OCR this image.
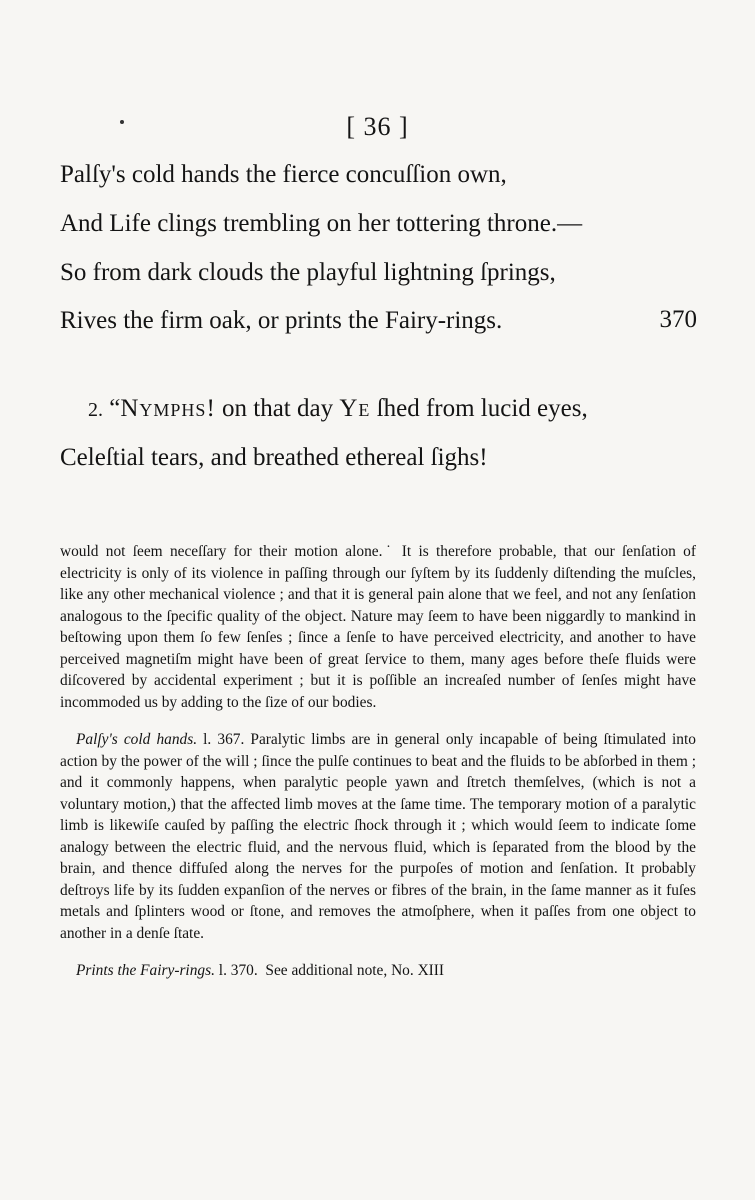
[ 36 ]
Palſy's cold hands the fierce concuſſion own,
And Life clings trembling on her tottering throne.—
So from dark clouds the playful lightning ſprings,
Rives the firm oak, or prints the Fairy-rings.	370
2. “Nymphs! on that day Ye ſhed from lucid eyes,
Celeſtial tears, and breathed ethereal ſighs!

would not ſeem neceſſary for their motion alone.˙ It is therefore probable, that our ſenſation of electricity is only of its violence in paſſing through our ſyſtem by its ſuddenly diſtending the muſcles, like any other mechanical violence ; and that it is general pain alone that we feel, and not any ſenſation analogous to the ſpecific quality of the object. Nature may ſeem to have been niggardly to mankind in beſtowing upon them ſo few ſenſes ; ſince a ſenſe to have perceived electricity, and another to have perceived magnetiſm might have been of great ſervice to them, many ages before theſe fluids were diſcovered by accidental experiment ; but it is poſſible an increaſed number of ſenſes might have incommoded us by adding to the ſize of our bodies.

Palſy's cold hands. l. 367. Paralytic limbs are in general only incapable of being ſtimulated into action by the power of the will ; ſince the pulſe continues to beat and the fluids to be abſorbed in them ; and it commonly happens, when paralytic people yawn and ſtretch themſelves, (which is not a voluntary motion,) that the affected limb moves at the ſame time. The temporary motion of a paralytic limb is likewiſe cauſed by paſſing the electric ſhock through it ; which would ſeem to indicate ſome analogy between the electric fluid, and the nervous fluid, which is ſeparated from the blood by the brain, and thence diffuſed along the nerves for the purpoſes of motion and ſenſation. It probably deſtroys life by its ſudden expanſion of the nerves or fibres of the brain, in the ſame manner as it fuſes metals and ſplinters wood or ſtone, and removes the atmoſphere, when it paſſes from one object to another in a denſe ſtate.

Prints the Fairy-rings. l. 370. See additional note, No. XIII
